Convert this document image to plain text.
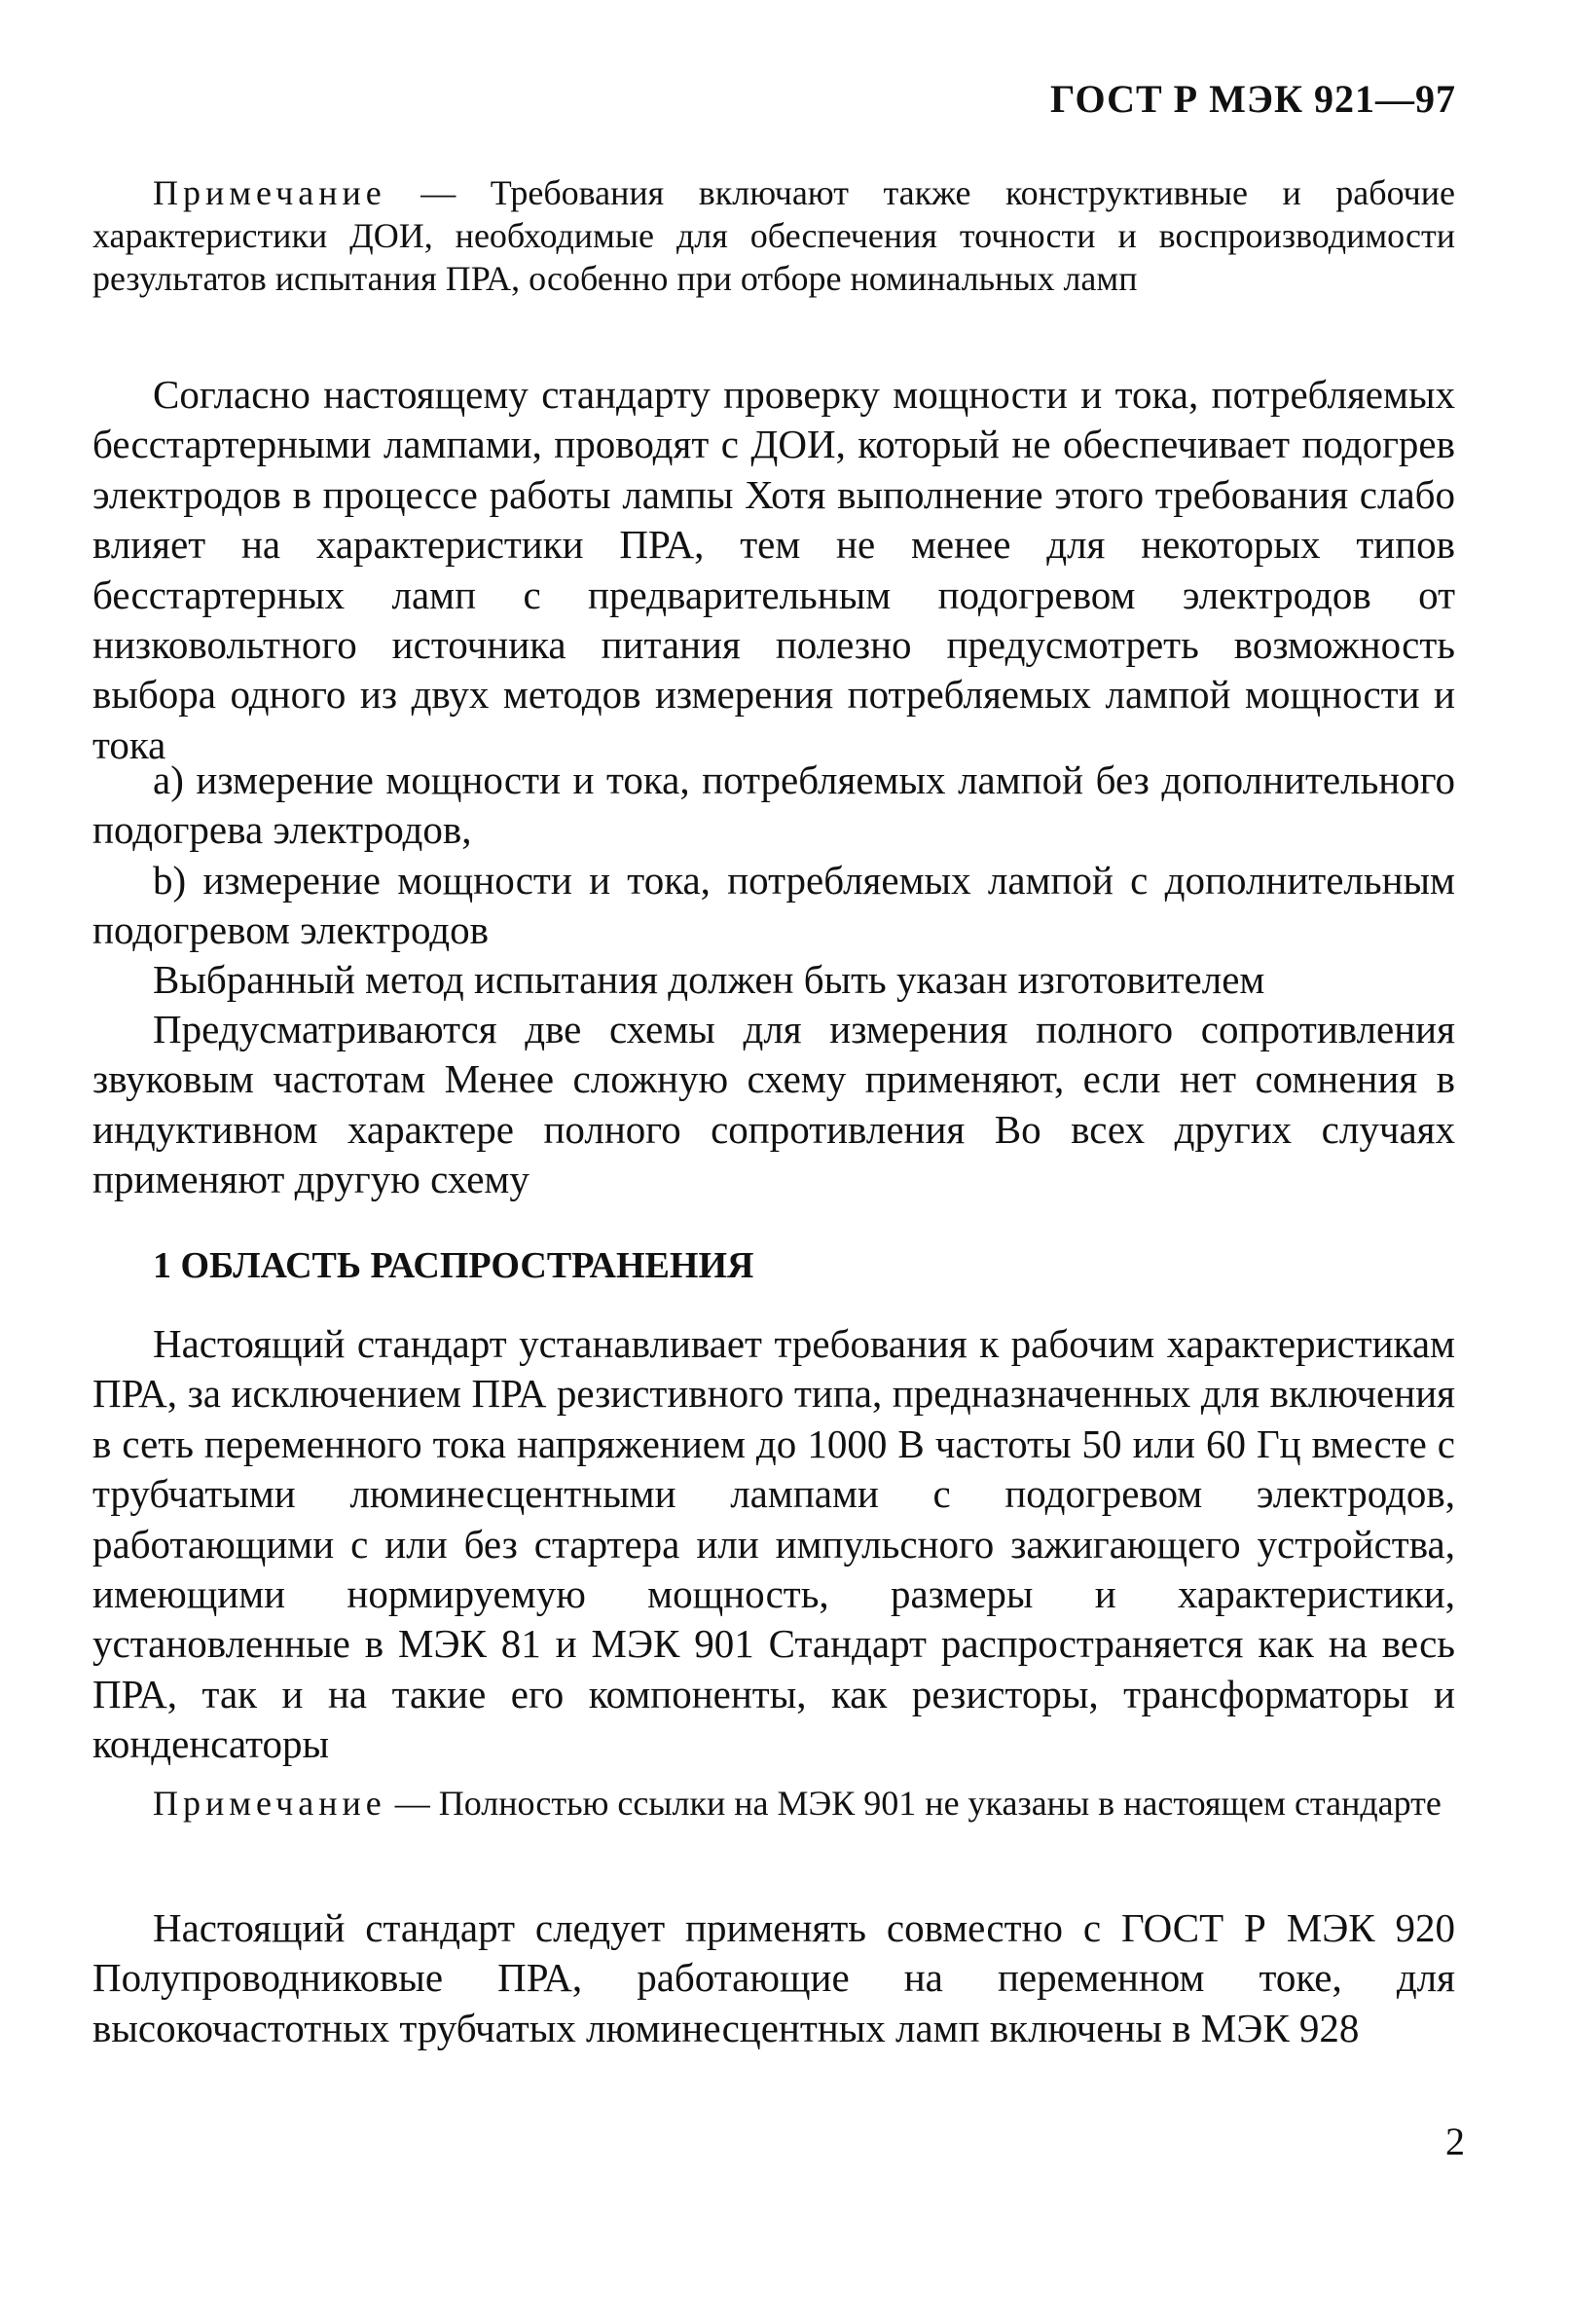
ГОСТ Р МЭК 921—97

Примечание — Требования включают также конструктивные и рабочие характеристики ДОИ, необходимые для обеспечения точности и воспроизводимости результатов испытания ПРА, особенно при отборе номинальных ламп

Согласно настоящему стандарту проверку мощности и тока, потребляемых бесстартерными лампами, проводят с ДОИ, который не обеспечивает подогрев электродов в процессе работы лампы Хотя выполнение этого требования слабо влияет на характеристики ПРА, тем не менее для некоторых типов бесстартерных ламп с предварительным подогревом электродов от низковольтного источника питания полезно предусмотреть возможность выбора одного из двух методов измерения потребляемых лампой мощности и тока
a) измерение мощности и тока, потребляемых лампой без дополнительного подогрева электродов,
b) измерение мощности и тока, потребляемых лампой с дополнительным подогревом электродов
Выбранный метод испытания должен быть указан изготовителем
Предусматриваются две схемы для измерения полного сопротивления звуковым частотам Менее сложную схему применяют, если нет сомнения в индуктивном характере полного сопротивления Во всех других случаях применяют другую схему
1 ОБЛАСТЬ РАСПРОСТРАНЕНИЯ
Настоящий стандарт устанавливает требования к рабочим характеристикам ПРА, за исключением ПРА резистивного типа, предназначенных для включения в сеть переменного тока напряжением до 1000 В частоты 50 или 60 Гц вместе с трубчатыми люминесцентными лампами с подогревом электродов, работающими с или без стартера или импульсного зажигающего устройства, имеющими нормируемую мощность, размеры и характеристики, установленные в МЭК 81 и МЭК 901 Стандарт распространяется как на весь ПРА, так и на такие его компоненты, как резисторы, трансформаторы и конденсаторы

Примечание — Полностью ссылки на МЭК 901 не указаны в настоящем стандарте

Настоящий стандарт следует применять совместно с ГОСТ Р МЭК 920 Полупроводниковые ПРА, работающие на переменном токе, для высокочастотных трубчатых люминесцентных ламп включены в МЭК 928
2
